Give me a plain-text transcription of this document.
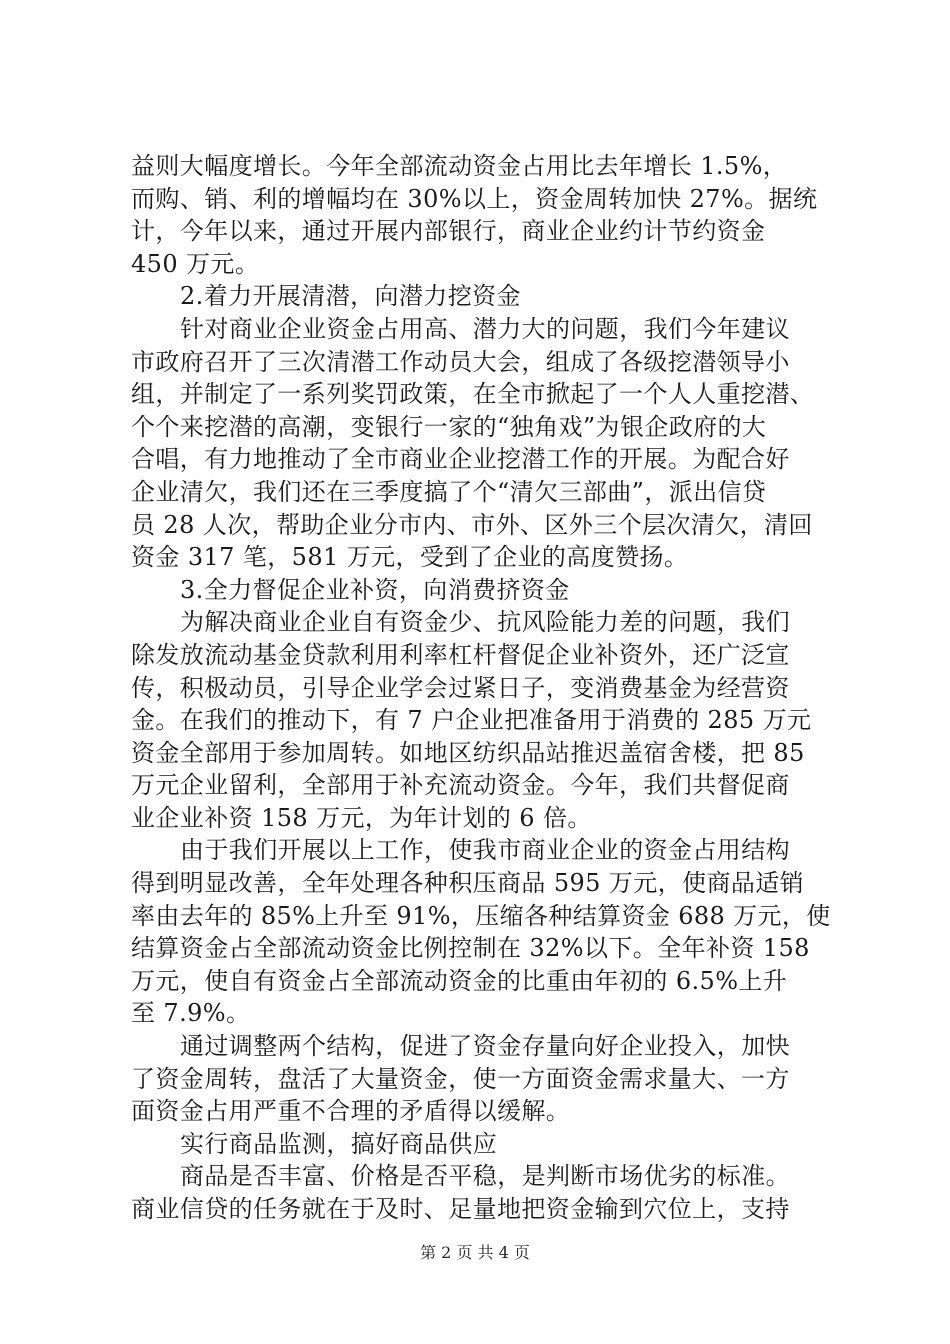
益则大幅度增长。今年全部流动资金占用比去年增长 1.5%，
而购、销、利的增幅均在 30%以上，资金周转加快 27%。据统
计，今年以来，通过开展内部银行，商业企业约计节约资金
450 万元。
2.着力开展清潜，向潜力挖资金
针对商业企业资金占用高、潜力大的问题，我们今年建议
市政府召开了三次清潜工作动员大会，组成了各级挖潜领导小
组，并制定了一系列奖罚政策，在全市掀起了一个人人重挖潜、
个个来挖潜的高潮，变银行一家的“独角戏”为银企政府的大
合唱，有力地推动了全市商业企业挖潜工作的开展。为配合好
企业清欠，我们还在三季度搞了个“清欠三部曲”，派出信贷
员 28 人次，帮助企业分市内、市外、区外三个层次清欠，清回
资金 317 笔，581 万元，受到了企业的高度赞扬。
3.全力督促企业补资，向消费挤资金
为解决商业企业自有资金少、抗风险能力差的问题，我们
除发放流动基金贷款利用利率杠杆督促企业补资外，还广泛宣
传，积极动员，引导企业学会过紧日子，变消费基金为经营资
金。在我们的推动下，有 7 户企业把准备用于消费的 285 万元
资金全部用于参加周转。如地区纺织品站推迟盖宿舍楼，把 85
万元企业留利，全部用于补充流动资金。今年，我们共督促商
业企业补资 158 万元，为年计划的 6 倍。
由于我们开展以上工作，使我市商业企业的资金占用结构
得到明显改善，全年处理各种积压商品 595 万元，使商品适销
率由去年的 85%上升至 91%，压缩各种结算资金 688 万元，使
结算资金占全部流动资金比例控制在 32%以下。全年补资 158
万元，使自有资金占全部流动资金的比重由年初的 6.5%上升
至 7.9%。
通过调整两个结构，促进了资金存量向好企业投入，加快
了资金周转，盘活了大量资金，使一方面资金需求量大、一方
面资金占用严重不合理的矛盾得以缓解。
实行商品监测，搞好商品供应
商品是否丰富、价格是否平稳，是判断市场优劣的标准。
商业信贷的任务就在于及时、足量地把资金输到穴位上，支持
第 2 页 共 4 页
